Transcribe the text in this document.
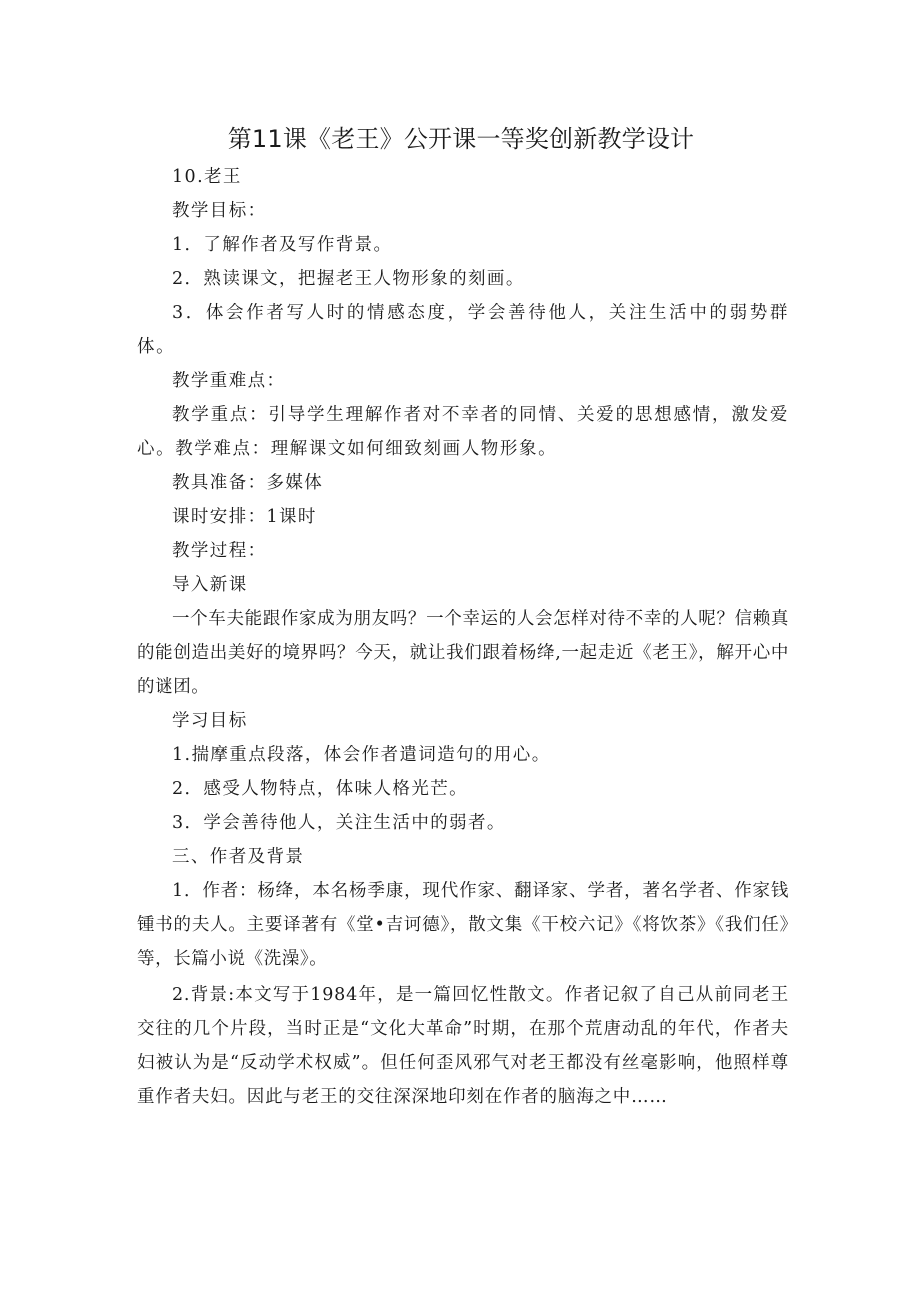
第11课《老王》公开课一等奖创新教学设计

10.老王

教学目标：

1．了解作者及写作背景。

2．熟读课文，把握老王人物形象的刻画。

3．体会作者写人时的情感态度，学会善待他人，关注生活中的弱势群体。

教学重难点：

教学重点：引导学生理解作者对不幸者的同情、关爱的思想感情，激发爱心。教学难点：理解课文如何细致刻画人物形象。

教具准备：多媒体

课时安排：1课时

教学过程：

导入新课

一个车夫能跟作家成为朋友吗？一个幸运的人会怎样对待不幸的人呢？信赖真的能创造出美好的境界吗？今天，就让我们跟着杨绛,一起走近《老王》，解开心中的谜团。

学习目标

1.揣摩重点段落，体会作者遣词造句的用心。

2．感受人物特点，体味人格光芒。

3．学会善待他人，关注生活中的弱者。

三、作者及背景

1．作者：杨绛，本名杨季康，现代作家、翻译家、学者，著名学者、作家钱锺书的夫人。主要译著有《堂•吉诃德》，散文集《干校六记》《将饮茶》《我们任》等，长篇小说《洗澡》。

2.背景:本文写于1984年，是一篇回忆性散文。作者记叙了自己从前同老王交往的几个片段，当时正是“文化大革命”时期，在那个荒唐动乱的年代，作者夫妇被认为是“反动学术权威”。但任何歪风邪气对老王都没有丝毫影响，他照样尊重作者夫妇。因此与老王的交往深深地印刻在作者的脑海之中……
